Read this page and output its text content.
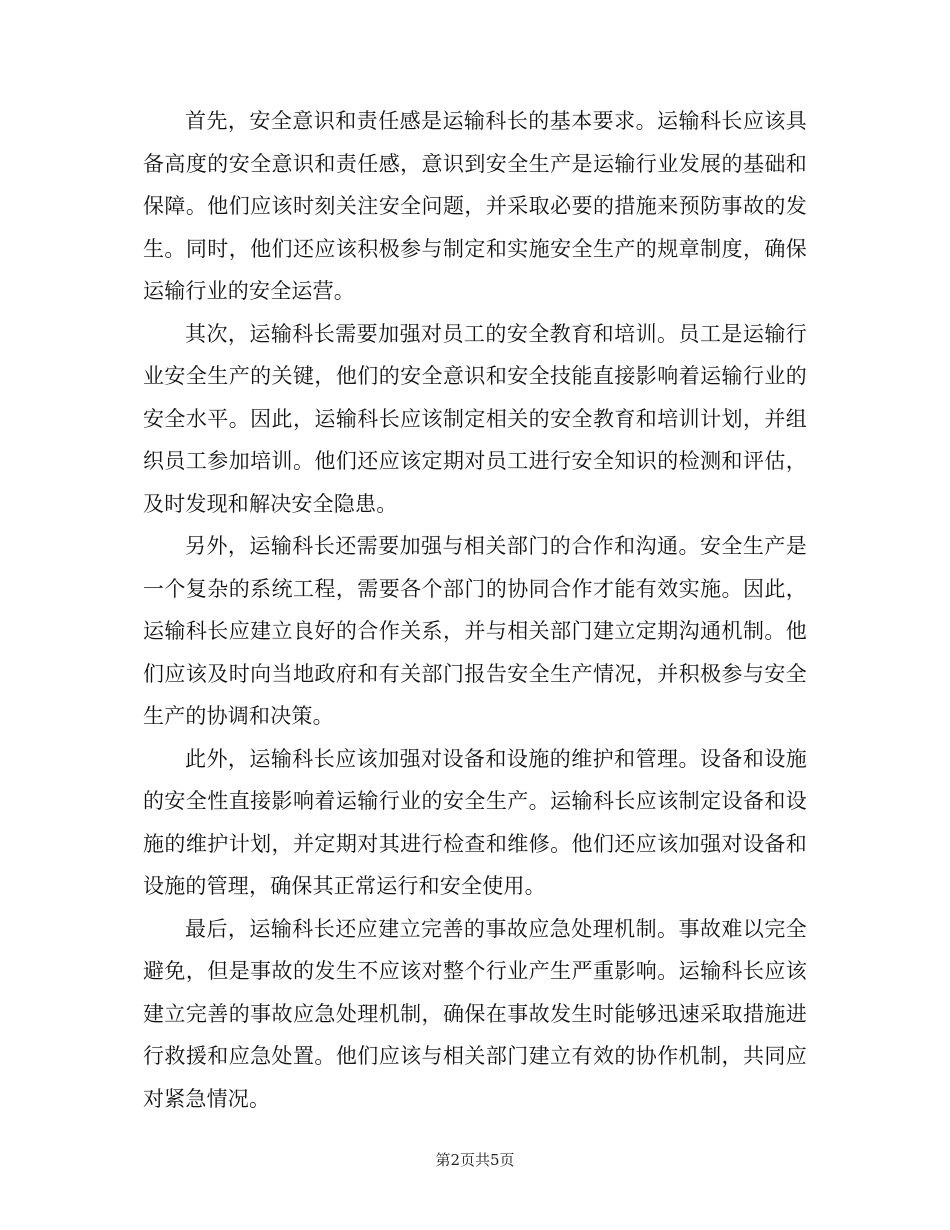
首先，安全意识和责任感是运输科长的基本要求。运输科长应该具备高度的安全意识和责任感，意识到安全生产是运输行业发展的基础和保障。他们应该时刻关注安全问题，并采取必要的措施来预防事故的发生。同时，他们还应该积极参与制定和实施安全生产的规章制度，确保运输行业的安全运营。

其次，运输科长需要加强对员工的安全教育和培训。员工是运输行业安全生产的关键，他们的安全意识和安全技能直接影响着运输行业的安全水平。因此，运输科长应该制定相关的安全教育和培训计划，并组织员工参加培训。他们还应该定期对员工进行安全知识的检测和评估，及时发现和解决安全隐患。

另外，运输科长还需要加强与相关部门的合作和沟通。安全生产是一个复杂的系统工程，需要各个部门的协同合作才能有效实施。因此，运输科长应建立良好的合作关系，并与相关部门建立定期沟通机制。他们应该及时向当地政府和有关部门报告安全生产情况，并积极参与安全生产的协调和决策。

此外，运输科长应该加强对设备和设施的维护和管理。设备和设施的安全性直接影响着运输行业的安全生产。运输科长应该制定设备和设施的维护计划，并定期对其进行检查和维修。他们还应该加强对设备和设施的管理，确保其正常运行和安全使用。

最后，运输科长还应建立完善的事故应急处理机制。事故难以完全避免，但是事故的发生不应该对整个行业产生严重影响。运输科长应该建立完善的事故应急处理机制，确保在事故发生时能够迅速采取措施进行救援和应急处置。他们应该与相关部门建立有效的协作机制，共同应对紧急情况。

第2页共5页
